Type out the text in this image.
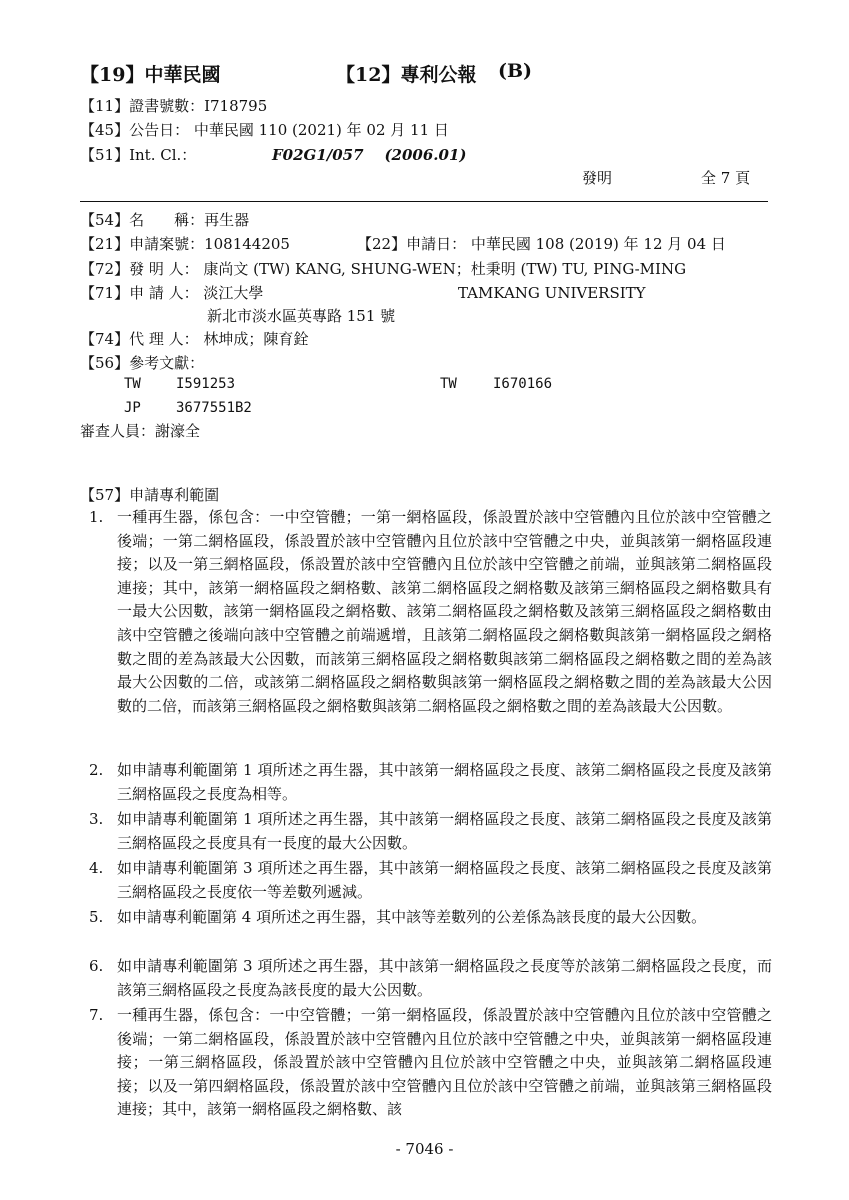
【19】中華民國	【12】專利公報 (B)
【11】證書號數：I718795
【45】公告日： 中華民國 110 (2021) 年 02 月 11 日
【51】Int. Cl.：	F02G1/057    (2006.01)
發明	全 7 頁
【54】名　　稱：再生器
【21】申請案號：108144205	【22】申請日： 中華民國 108 (2019) 年 12 月 04 日
【72】發 明 人： 康尚文 (TW) KANG, SHUNG-WEN；杜秉明 (TW) TU, PING-MING
【71】申 請 人： 淡江大學	TAMKANG UNIVERSITY
新北市淡水區英專路 151 號
【74】代 理 人： 林坤成；陳育銓
【56】參考文獻：
TW	I591253	TW	I670166
JP	3677551B2
審查人員：謝濠全
【57】申請專利範圍
1. 一種再生器，係包含：一中空管體；一第一網格區段，係設置於該中空管體內且位於該中空管體之後端；一第二網格區段，係設置於該中空管體內且位於該中空管體之中央，並與該第一網格區段連接；以及一第三網格區段，係設置於該中空管體內且位於該中空管體之前端，並與該第二網格區段連接；其中，該第一網格區段之網格數、該第二網格區段之網格數及該第三網格區段之網格數具有一最大公因數，該第一網格區段之網格數、該第二網格區段之網格數及該第三網格區段之網格數由該中空管體之後端向該中空管體之前端遞增，且該第二網格區段之網格數與該第一網格區段之網格數之間的差為該最大公因數，而該第三網格區段之網格數與該第二網格區段之網格數之間的差為該最大公因數的二倍，或該第二網格區段之網格數與該第一網格區段之網格數之間的差為該最大公因數的二倍，而該第三網格區段之網格數與該第二網格區段之網格數之間的差為該最大公因數。
2. 如申請專利範圍第 1 項所述之再生器，其中該第一網格區段之長度、該第二網格區段之長度及該第三網格區段之長度為相等。
3. 如申請專利範圍第 1 項所述之再生器，其中該第一網格區段之長度、該第二網格區段之長度及該第三網格區段之長度具有一長度的最大公因數。
4. 如申請專利範圍第 3 項所述之再生器，其中該第一網格區段之長度、該第二網格區段之長度及該第三網格區段之長度依一等差數列遞減。
5. 如申請專利範圍第 4 項所述之再生器，其中該等差數列的公差係為該長度的最大公因數。
6. 如申請專利範圍第 3 項所述之再生器，其中該第一網格區段之長度等於該第二網格區段之長度，而該第三網格區段之長度為該長度的最大公因數。
7. 一種再生器，係包含：一中空管體；一第一網格區段，係設置於該中空管體內且位於該中空管體之後端；一第二網格區段，係設置於該中空管體內且位於該中空管體之中央，並與該第一網格區段連接；一第三網格區段，係設置於該中空管體內且位於該中空管體之中央，並與該第二網格區段連接；以及一第四網格區段，係設置於該中空管體內且位於該中空管體之前端，並與該第三網格區段連接；其中，該第一網格區段之網格數、該
- 7046 -
